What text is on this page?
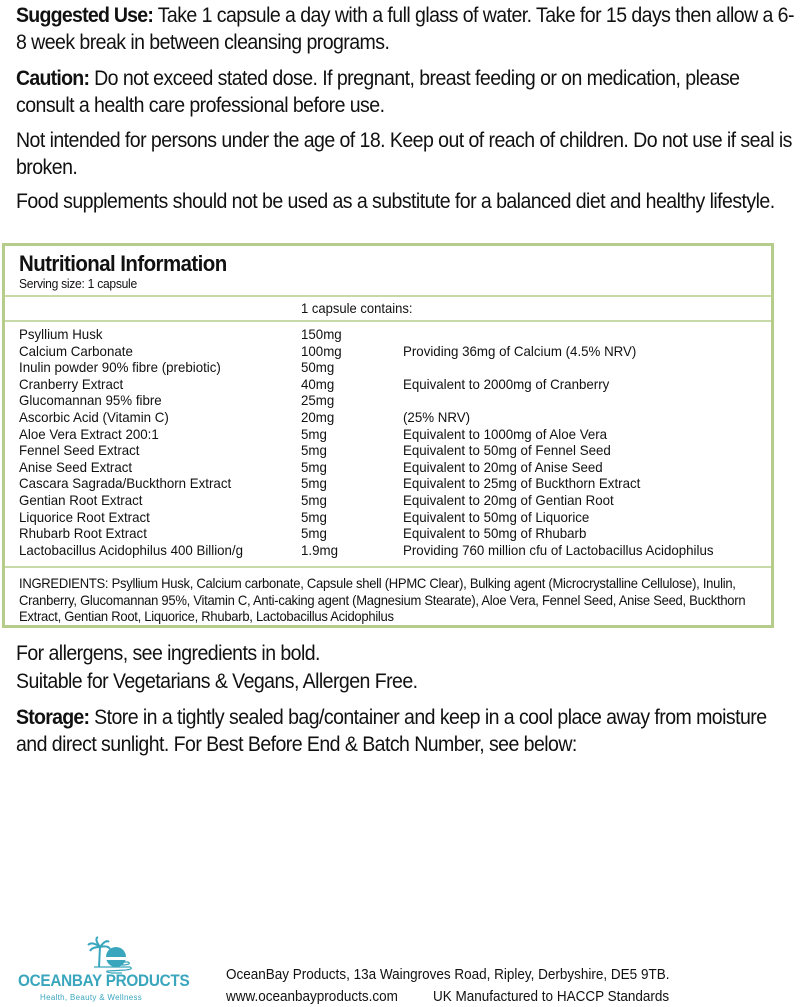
Suggested Use: Take 1 capsule a day with a full glass of water. Take for 15 days then allow a 6-8 week break in between cleansing programs.
Caution: Do not exceed stated dose. If pregnant, breast feeding or on medication, please consult a health care professional before use.
Not intended for persons under the age of 18. Keep out of reach of children. Do not use if seal is broken.
Food supplements should not be used as a substitute for a balanced diet and healthy lifestyle.
Nutritional Information
Serving size: 1 capsule
1 capsule contains:
Psyllium Husk	150mg
Calcium Carbonate	100mg	Providing 36mg of Calcium (4.5% NRV)
Inulin powder 90% fibre (prebiotic)	50mg
Cranberry Extract	40mg	Equivalent to 2000mg of Cranberry
Glucomannan 95% fibre	25mg
Ascorbic Acid (Vitamin C)	20mg	(25% NRV)
Aloe Vera Extract 200:1	5mg	Equivalent to 1000mg of Aloe Vera
Fennel Seed Extract	5mg	Equivalent to 50mg of Fennel Seed
Anise Seed Extract	5mg	Equivalent to 20mg of Anise Seed
Cascara Sagrada/Buckthorn Extract	5mg	Equivalent to 25mg of Buckthorn Extract
Gentian Root Extract	5mg	Equivalent to 20mg of Gentian Root
Liquorice Root Extract	5mg	Equivalent to 50mg of Liquorice
Rhubarb Root Extract	5mg	Equivalent to 50mg of Rhubarb
Lactobacillus Acidophilus 400 Billion/g	1.9mg	Providing 760 million cfu of Lactobacillus Acidophilus
INGREDIENTS: Psyllium Husk, Calcium carbonate, Capsule shell (HPMC Clear), Bulking agent (Microcrystalline Cellulose), Inulin, Cranberry, Glucomannan 95%, Vitamin C, Anti-caking agent (Magnesium Stearate), Aloe Vera, Fennel Seed, Anise Seed, Buckthorn Extract, Gentian Root, Liquorice, Rhubarb, Lactobacillus Acidophilus
For allergens, see ingredients in bold.
Suitable for Vegetarians & Vegans, Allergen Free.
Storage: Store in a tightly sealed bag/container and keep in a cool place away from moisture and direct sunlight. For Best Before End & Batch Number, see below:
OCEANBAY PRODUCTS
Health, Beauty & Wellness
OceanBay Products, 13a Waingroves Road, Ripley, Derbyshire, DE5 9TB.
www.oceanbayproducts.com UK Manufactured to HACCP Standards
